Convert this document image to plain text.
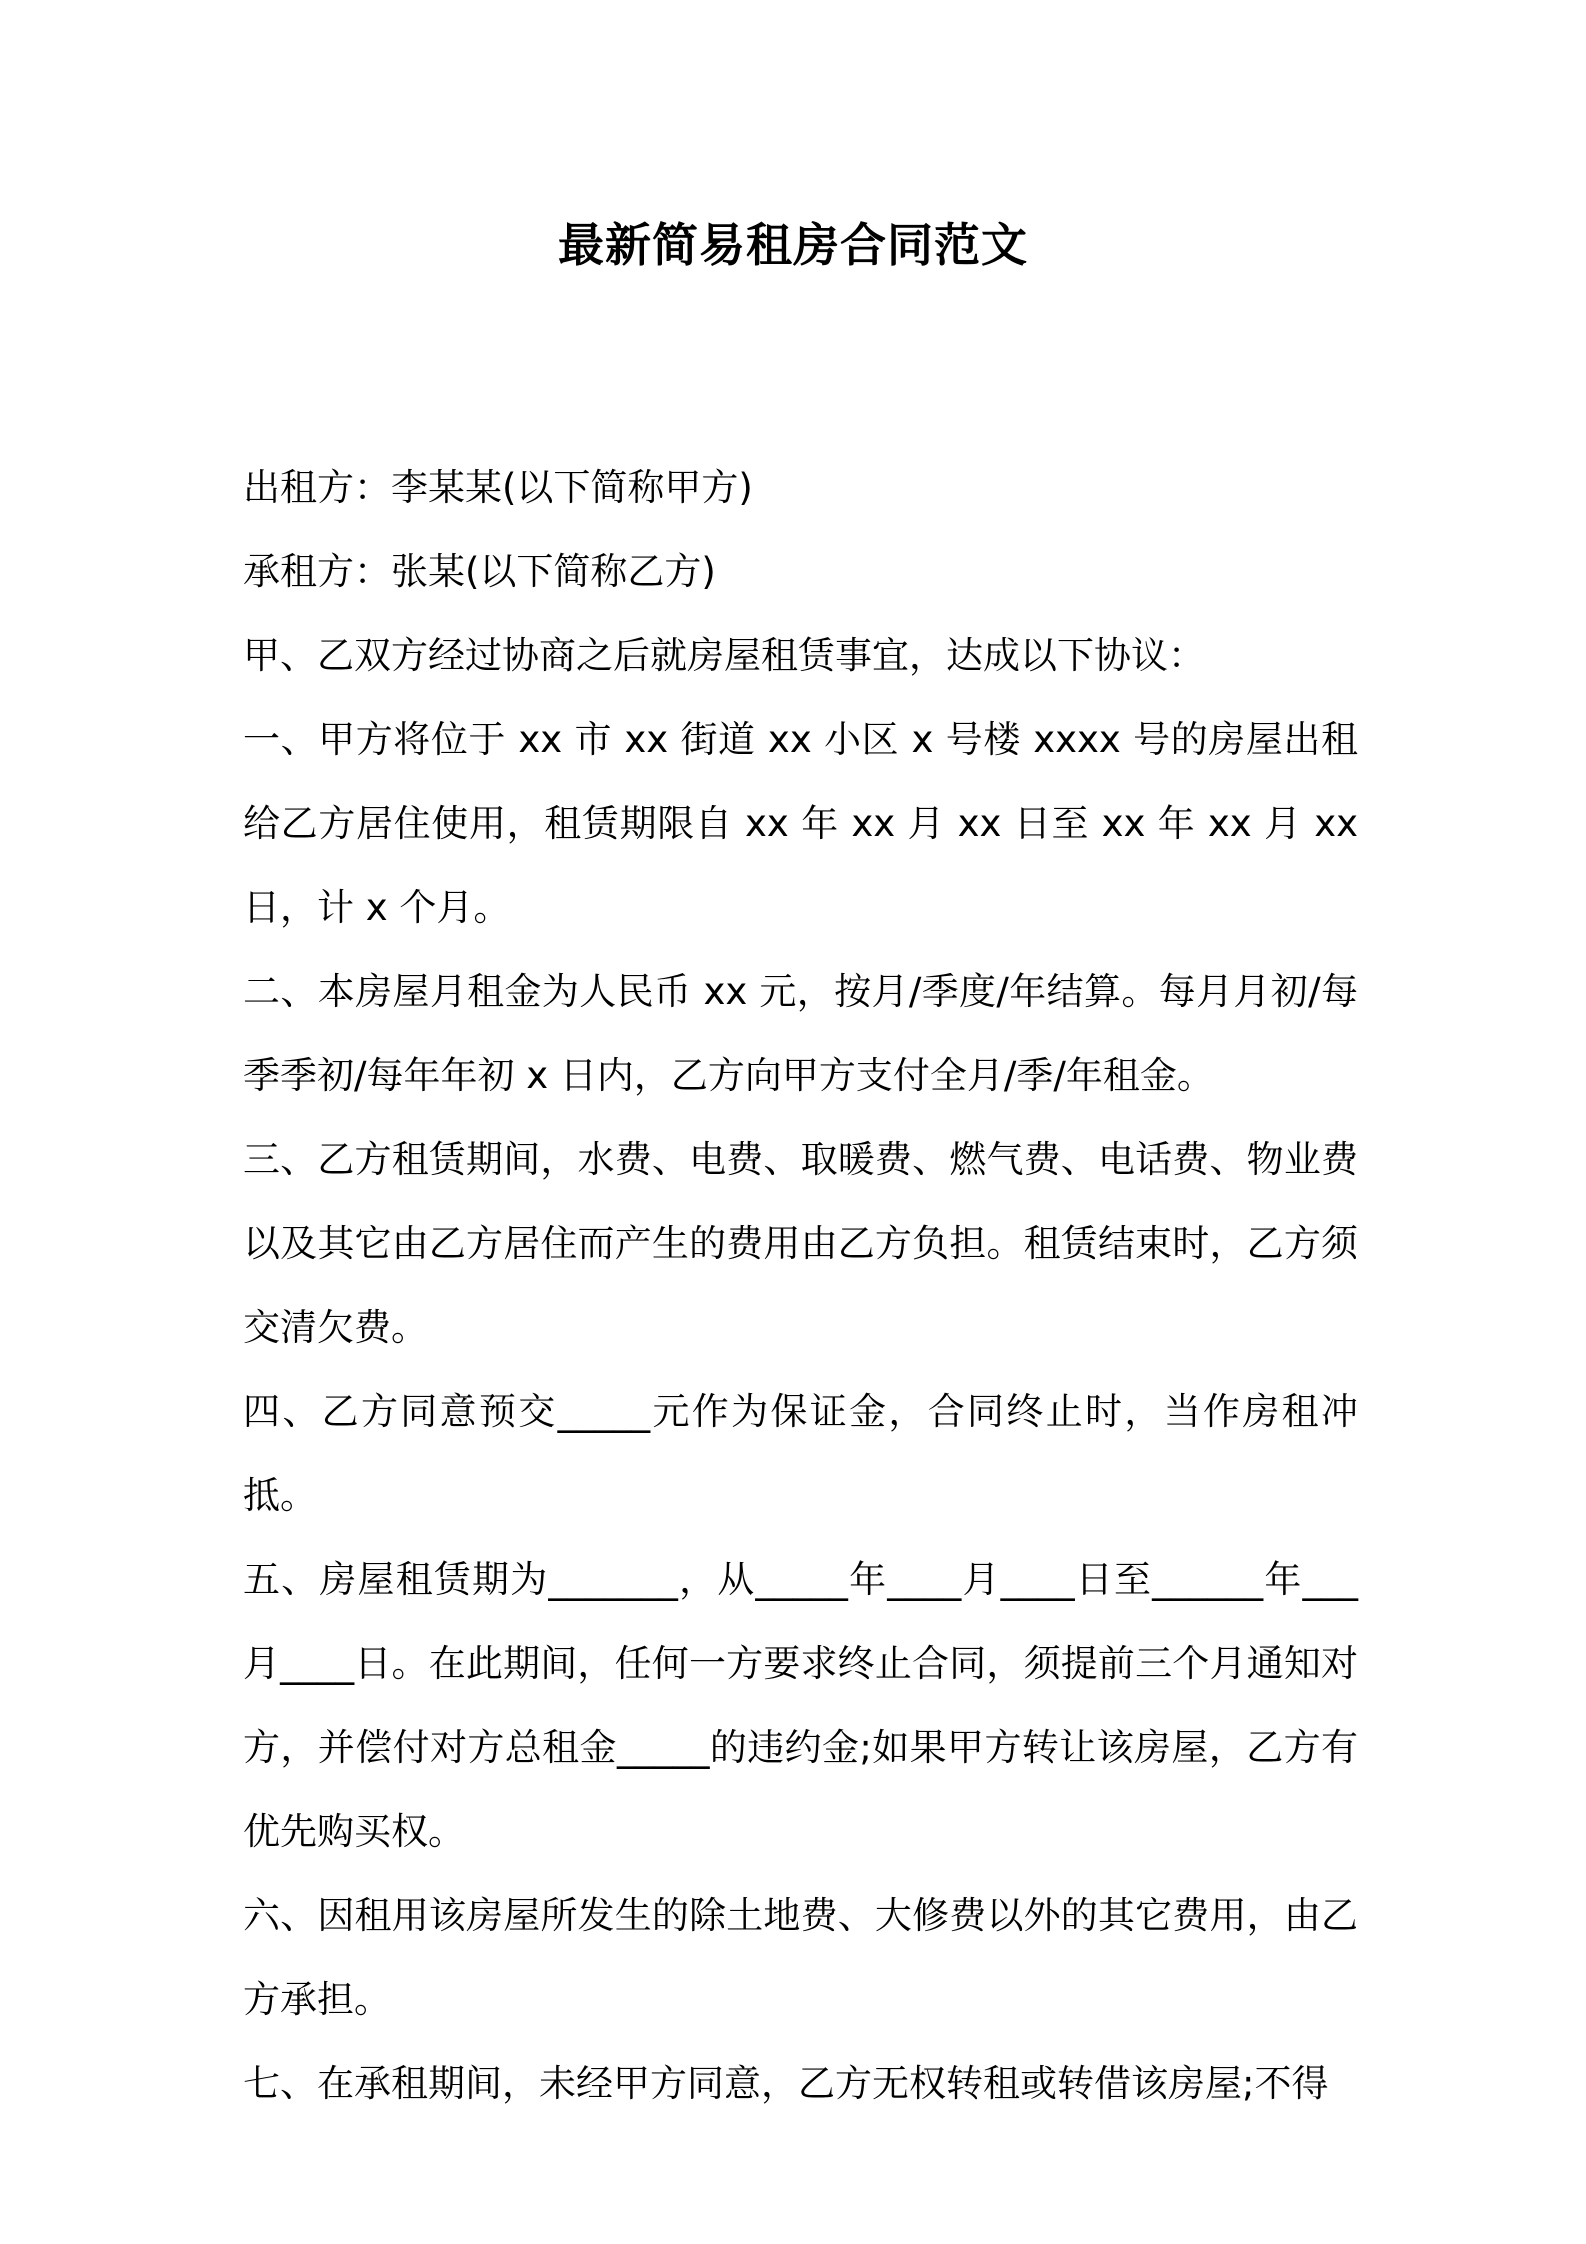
最新简易租房合同范文

出租方：李某某(以下简称甲方)

承租方：张某(以下简称乙方)

甲、乙双方经过协商之后就房屋租赁事宜，达成以下协议：

一、甲方将位于 xx 市 xx 街道 xx 小区 x 号楼 xxxx 号的房屋出租给乙方居住使用，租赁期限自 xx 年 xx 月 xx 日至 xx 年 xx 月 xx 日，计 x 个月。

二、本房屋月租金为人民币 xx 元，按月/季度/年结算。每月月初/每季季初/每年年初 x 日内，乙方向甲方支付全月/季/年租金。

三、乙方租赁期间，水费、电费、取暖费、燃气费、电话费、物业费以及其它由乙方居住而产生的费用由乙方负担。租赁结束时，乙方须交清欠费。

四、乙方同意预交_____元作为保证金，合同终止时，当作房租冲抵。

五、房屋租赁期为_______，从_____年____月____日至______年___月____日。在此期间，任何一方要求终止合同，须提前三个月通知对方，并偿付对方总租金_____的违约金;如果甲方转让该房屋，乙方有优先购买权。

六、因租用该房屋所发生的除土地费、大修费以外的其它费用，由乙方承担。

七、在承租期间，未经甲方同意，乙方无权转租或转借该房屋;不得
